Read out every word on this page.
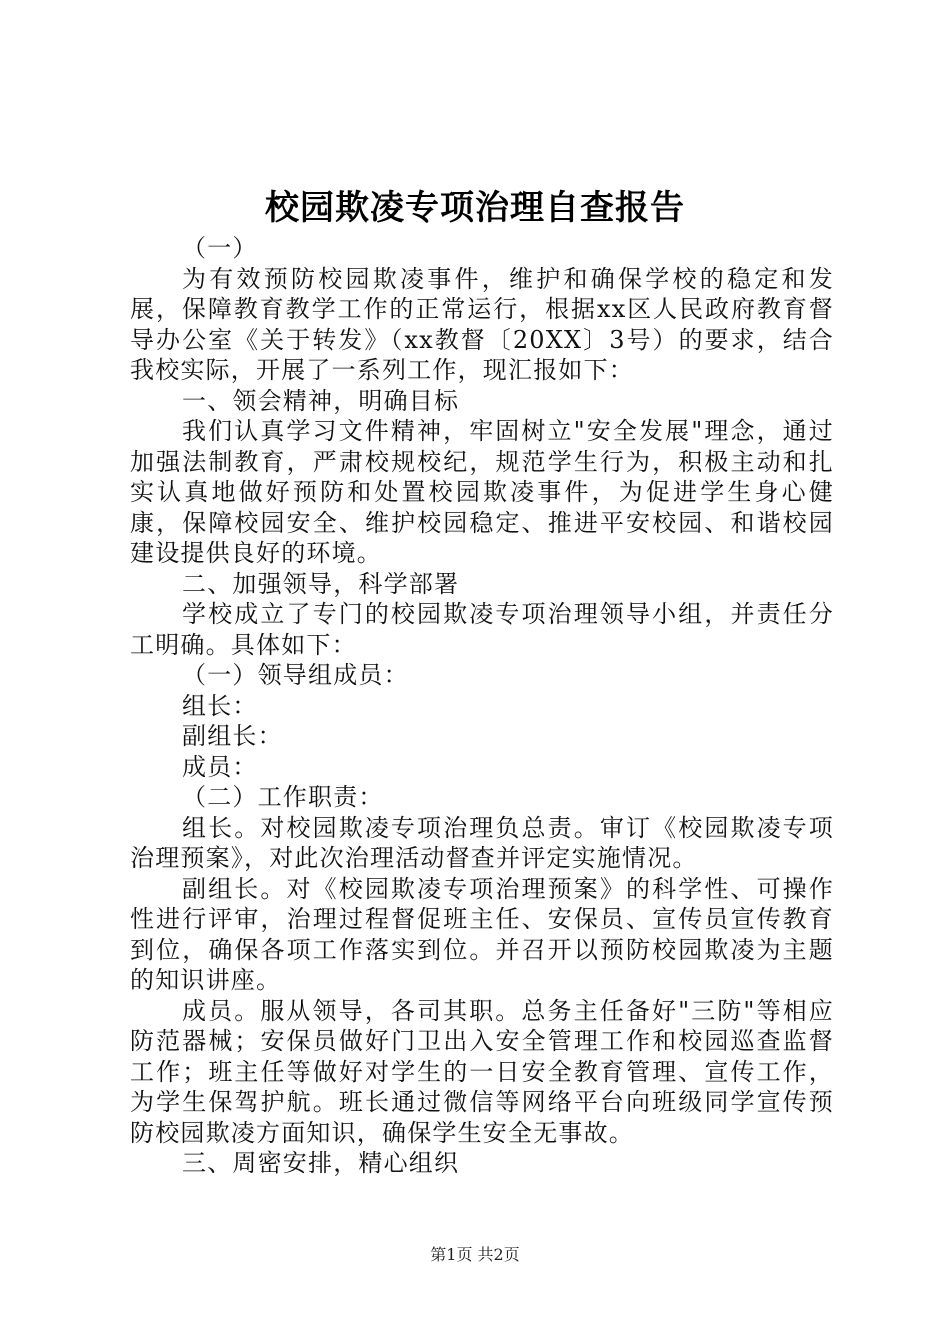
校园欺凌专项治理自查报告

（一）

为有效预防校园欺凌事件，维护和确保学校的稳定和发展，保障教育教学工作的正常运行，根据xx区人民政府教育督导办公室《关于转发》（xx教督〔20XX〕3号）的要求，结合我校实际，开展了一系列工作，现汇报如下：

一、领会精神，明确目标

我们认真学习文件精神，牢固树立"安全发展"理念，通过加强法制教育，严肃校规校纪，规范学生行为，积极主动和扎实认真地做好预防和处置校园欺凌事件，为促进学生身心健康，保障校园安全、维护校园稳定、推进平安校园、和谐校园建设提供良好的环境。

二、加强领导，科学部署

学校成立了专门的校园欺凌专项治理领导小组，并责任分工明确。具体如下：

（一）领导组成员：

组长：

副组长：

成员：

（二）工作职责：

组长。对校园欺凌专项治理负总责。审订《校园欺凌专项治理预案》，对此次治理活动督查并评定实施情况。

副组长。对《校园欺凌专项治理预案》的科学性、可操作性进行评审，治理过程督促班主任、安保员、宣传员宣传教育到位，确保各项工作落实到位。并召开以预防校园欺凌为主题的知识讲座。

成员。服从领导，各司其职。总务主任备好"三防"等相应防范器械；安保员做好门卫出入安全管理工作和校园巡查监督工作；班主任等做好对学生的一日安全教育管理、宣传工作，为学生保驾护航。班长通过微信等网络平台向班级同学宣传预防校园欺凌方面知识，确保学生安全无事故。

三、周密安排，精心组织

第1页 共2页
